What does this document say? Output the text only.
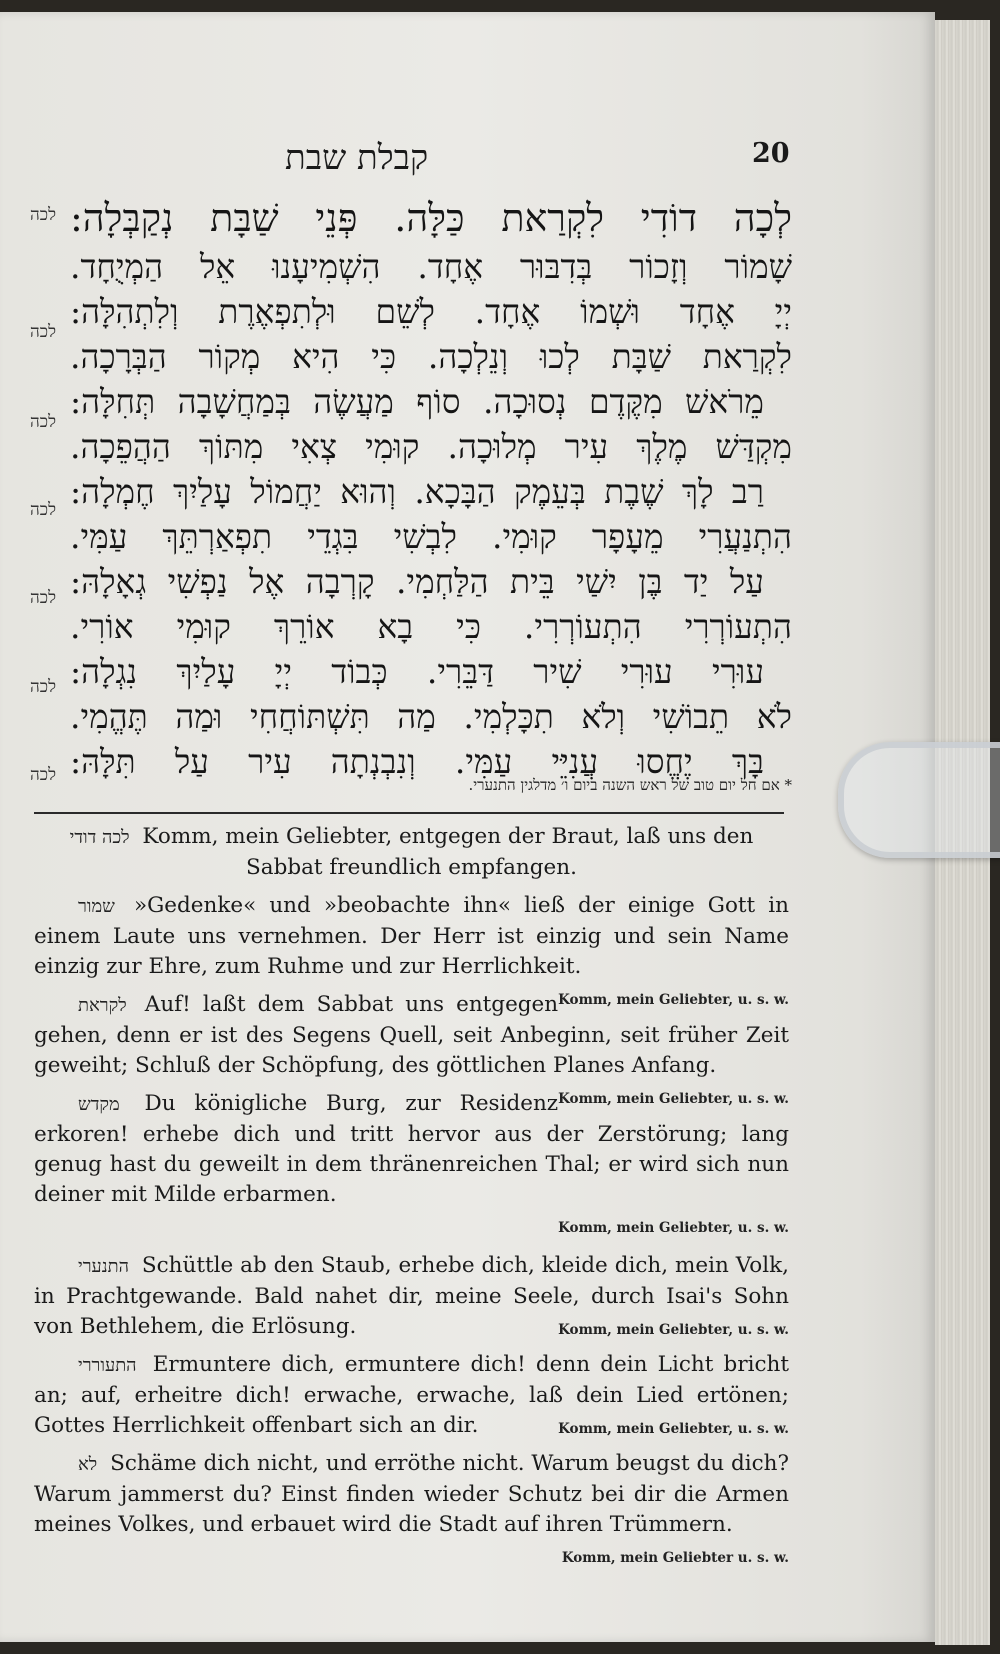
קבלת שבת	20
לכה לְכָה דוֹדִי לִקְרַאת כַּלָּה. פְּנֵי שַׁבָּת נְקַבְּלָה:
שָׁמוֹר וְזָכוֹר בְּדִבּוּר אֶחָד. הִשְׁמִיעָנוּ אֵל הַמְיֻחָד.
יְיָ אֶחָד וּשְׁמוֹ אֶחָד. לְשֵׁם וּלְתִפְאֶרֶת וְלִתְהִלָּה:
לִקְרַאת שַׁבָּת לְכוּ וְנֵלְכָה. כִּי הִיא מְקוֹר הַבְּרָכָה.
מֵרֹאשׁ מִקֶּדֶם נְסוּכָה. סוֹף מַעֲשֶׂה בְּמַחֲשָׁבָה תְּחִלָּה:
מִקְדַּשׁ מֶלֶךְ עִיר מְלוּכָה. קוּמִי צְאִי מִתּוֹךְ הַהֲפֵכָה.
רַב לָךְ שֶׁבֶת בְּעֵמֶק הַבָּכָא. וְהוּא יַחֲמוֹל עָלַיִךְ חֶמְלָה:
הִתְנַעֲרִי מֵעָפָר קוּמִי. לִבְשִׁי בִּגְדֵי תִפְאַרְתֵּךְ עַמִּי.
עַל יַד בֶּן יִשַׁי בֵּית הַלַּחְמִי. קָרְבָה אֶל נַפְשִׁי גְאָלָהּ:
הִתְעוֹרְרִי הִתְעוֹרְרִי. כִּי בָא אוֹרֵךְ קוּמִי אוֹרִי.
עוּרִי עוּרִי שִׁיר דַּבֵּרִי. כְּבוֹד יְיָ עָלַיִךְ נִגְלָה:
לֹא תֵבוֹשִׁי וְלֹא תִכָּלְמִי. מַה תִּשְׁתּוֹחֲחִי וּמַה תֶּהֱמִי.
בָּךְ יֶחֱסוּ עֲנִיֵּי עַמִּי. וְנִבְנְתָה עִיר עַל תִּלָּהּ:
לכה
לכה
לכה
לכה
לכה
לכה	* אם חל יום טוב של ראש השנה ביום ו׳ מדלגין התנערי.

לכה דודי Komm, mein Geliebter, entgegen der Braut, laß uns den Sabbat freundlich empfangen.

שמור »Gedenke« und »beobachte ihn« ließ der einige Gott in einem Laute uns vernehmen. Der Herr ist einzig und sein Name einzig zur Ehre, zum Ruhme und zur Herrlichkeit.
Komm, mein Geliebter, u. s. w.

לקראת Auf! laßt dem Sabbat uns entgegen gehen, denn er ist des Segens Quell, seit Anbeginn, seit früher Zeit geweiht; Schluß der Schöpfung, des göttlichen Planes Anfang.
Komm, mein Geliebter, u. s. w.

מקדש Du königliche Burg, zur Residenz erkoren! erhebe dich und tritt hervor aus der Zerstörung; lang genug hast du geweilt in dem thränenreichen Thal; er wird sich nun deiner mit Milde erbarmen.
Komm, mein Geliebter, u. s. w.

התנערי Schüttle ab den Staub, erhebe dich, kleide dich, mein Volk, in Prachtgewande. Bald nahet dir, meine Seele, durch Isai's Sohn von Bethlehem, die Erlösung.	Komm, mein Geliebter, u. s. w.

התעוררי Ermuntere dich, ermuntere dich! denn dein Licht bricht an; auf, erheitre dich! erwache, erwache, laß dein Lied ertönen; Gottes Herrlichkeit offenbart sich an dir.	Komm, mein Geliebter, u. s. w.

לא Schäme dich nicht, und erröthe nicht. Warum beugst du dich? Warum jammerst du? Einst finden wieder Schutz bei dir die Armen meines Volkes, und erbauet wird die Stadt auf ihren Trümmern.
Komm, mein Geliebter u. s. w.
